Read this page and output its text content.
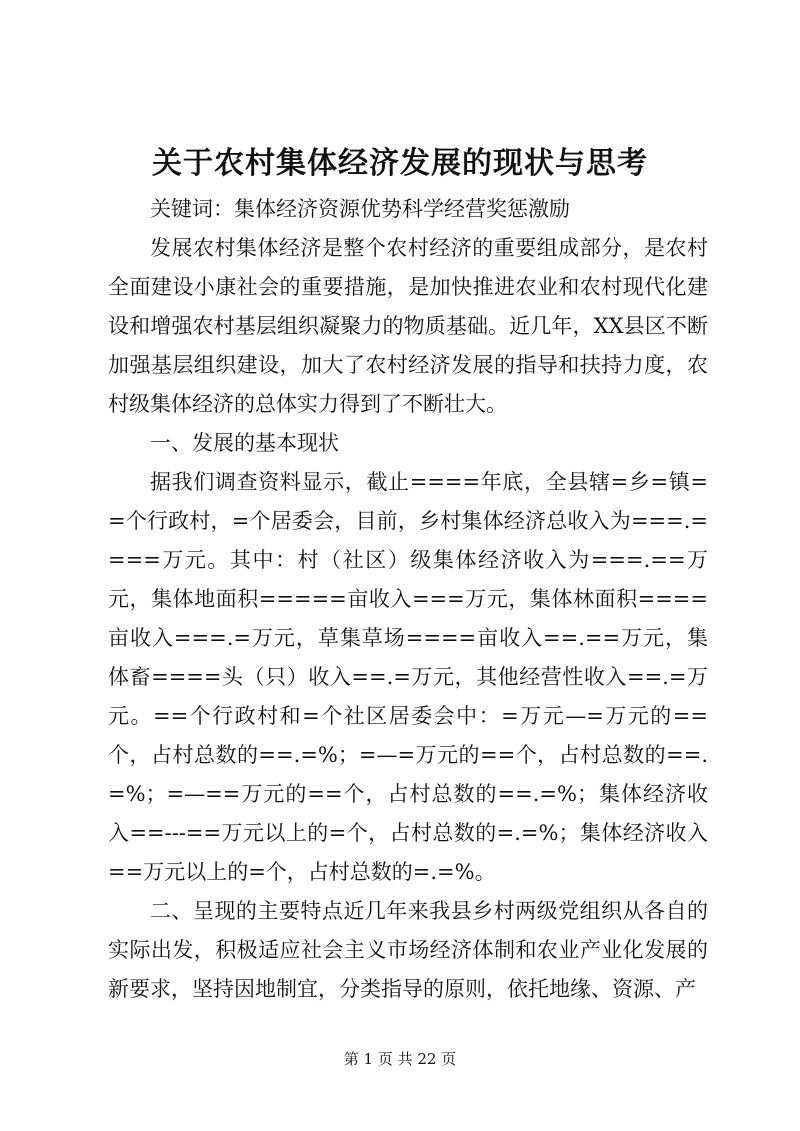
关于农村集体经济发展的现状与思考

关键词：集体经济资源优势科学经营奖惩激励

发展农村集体经济是整个农村经济的重要组成部分，是农村全面建设小康社会的重要措施，是加快推进农业和农村现代化建设和增强农村基层组织凝聚力的物质基础。近几年，XX县区不断加强基层组织建设，加大了农村经济发展的指导和扶持力度，农村级集体经济的总体实力得到了不断壮大。

一、发展的基本现状

据我们调查资料显示，截止====年底，全县辖=乡=镇==个行政村，=个居委会，目前，乡村集体经济总收入为===.====万元。其中：村（社区）级集体经济收入为===.==万元，集体地面积=====亩收入===万元，集体林面积====亩收入===.=万元，草集草场====亩收入==.==万元，集体畜====头（只）收入==.=万元，其他经营性收入==.=万元。==个行政村和=个社区居委会中：=万元—=万元的==个，占村总数的==.=%；=—=万元的==个，占村总数的==.=%；=—==万元的==个，占村总数的==.=%；集体经济收入==---==万元以上的=个，占村总数的=.=%；集体经济收入==万元以上的=个，占村总数的=.=%。

二、呈现的主要特点近几年来我县乡村两级党组织从各自的实际出发，积极适应社会主义市场经济体制和农业产业化发展的新要求，坚持因地制宜，分类指导的原则，依托地缘、资源、产

第 1 页 共 22 页
